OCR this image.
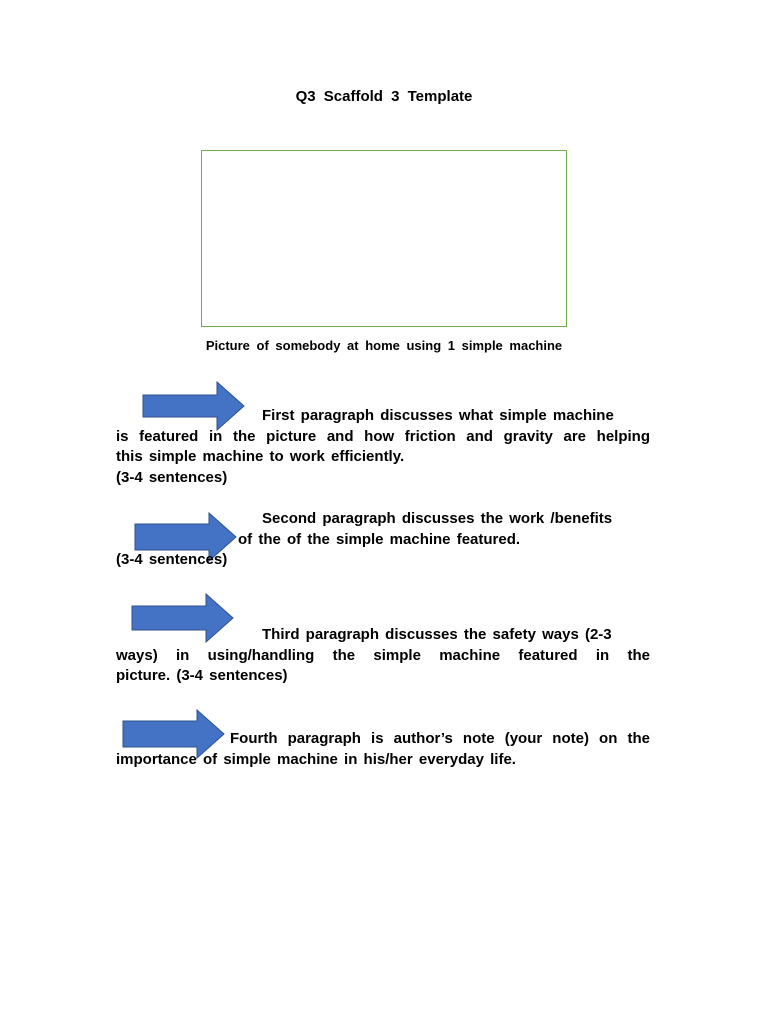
Q3 Scaffold 3 Template
Picture of somebody at home using 1 simple machine
First paragraph discusses what simple machine
is featured in the picture and how friction and gravity are helping
this simple machine to work efficiently.
(3-4 sentences)
Second paragraph discusses the work /benefits
of the of the simple machine featured.
(3-4 sentences)
Third paragraph discusses the safety ways (2-3
ways) in using/handling the simple machine featured in the
picture. (3-4 sentences)
Fourth paragraph is author’s note (your note) on the
importance of simple machine in his/her everyday life.
